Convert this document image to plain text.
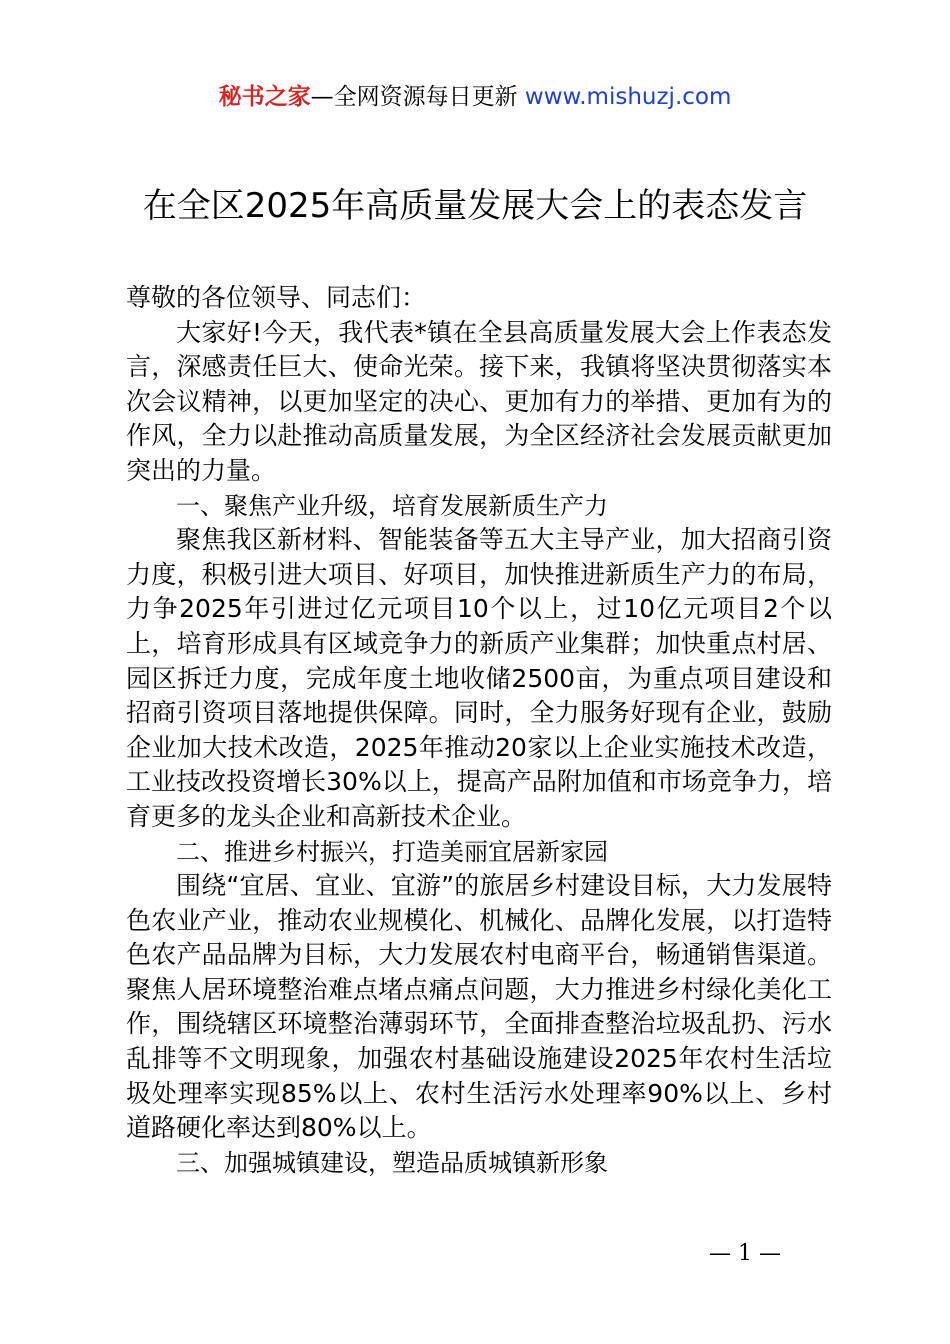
秘书之家—全网资源每日更新 www.mishuzj.com
在全区2025年高质量发展大会上的表态发言

尊敬的各位领导、同志们：

大家好!今天，我代表*镇在全县高质量发展大会上作表态发言，深感责任巨大、使命光荣。接下来，我镇将坚决贯彻落实本次会议精神，以更加坚定的决心、更加有力的举措、更加有为的作风，全力以赴推动高质量发展，为全区经济社会发展贡献更加突出的力量。

一、聚焦产业升级，培育发展新质生产力

聚焦我区新材料、智能装备等五大主导产业，加大招商引资力度，积极引进大项目、好项目，加快推进新质生产力的布局，力争2025年引进过亿元项目10个以上，过10亿元项目2个以上，培育形成具有区域竞争力的新质产业集群；加快重点村居、园区拆迁力度，完成年度土地收储2500亩，为重点项目建设和招商引资项目落地提供保障。同时，全力服务好现有企业，鼓励企业加大技术改造，2025年推动20家以上企业实施技术改造，工业技改投资增长30%以上，提高产品附加值和市场竞争力，培育更多的龙头企业和高新技术企业。

二、推进乡村振兴，打造美丽宜居新家园

围绕“宜居、宜业、宜游”的旅居乡村建设目标，大力发展特色农业产业，推动农业规模化、机械化、品牌化发展，以打造特色农产品品牌为目标，大力发展农村电商平台，畅通销售渠道。聚焦人居环境整治难点堵点痛点问题，大力推进乡村绿化美化工作，围绕辖区环境整治薄弱环节，全面排查整治垃圾乱扔、污水乱排等不文明现象，加强农村基础设施建设2025年农村生活垃圾处理率实现85%以上、农村生活污水处理率90%以上、乡村道路硬化率达到80%以上。

三、加强城镇建设，塑造品质城镇新形象

— 1 —
